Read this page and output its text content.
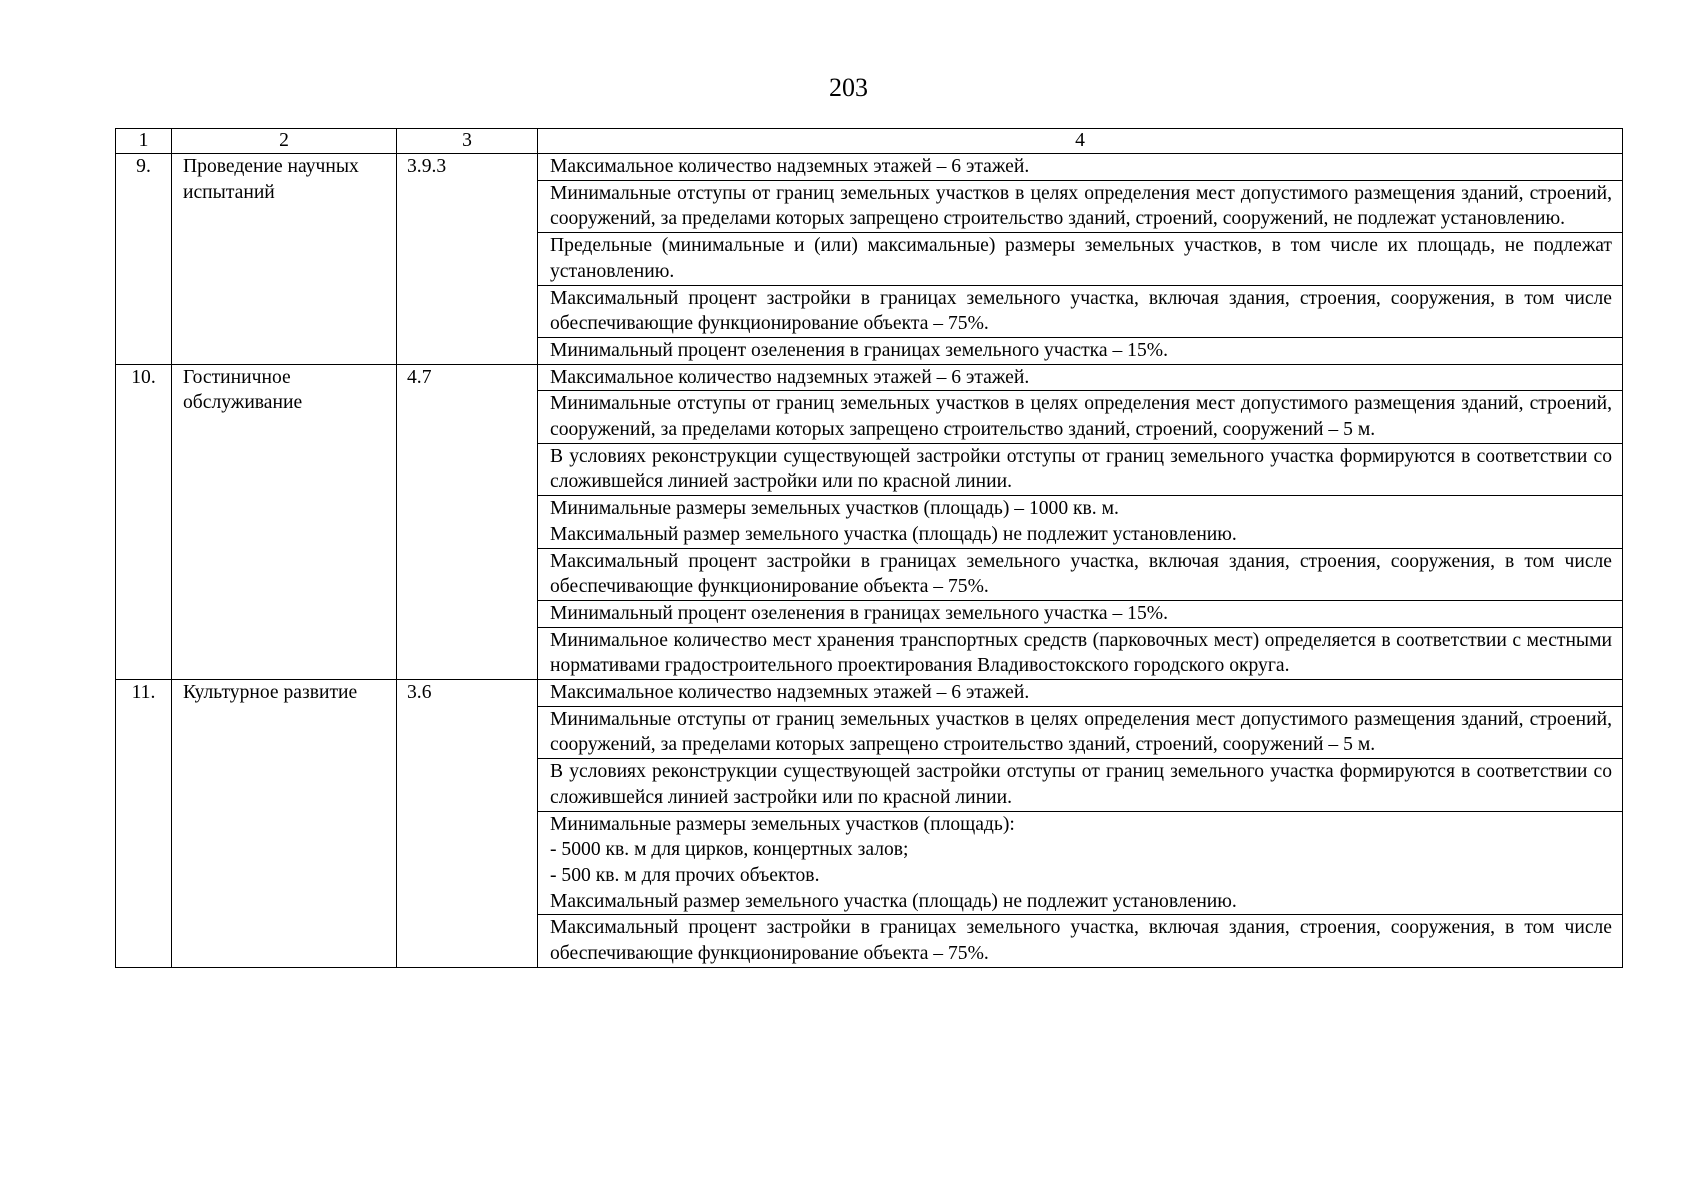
203
1	2	3	4
9.	Проведение научных испытаний	3.9.3	Максимальное количество надземных этажей – 6 этажей.
			Минимальные отступы от границ земельных участков в целях определения мест допустимого размещения зданий, строений, сооружений, за пределами которых запрещено строительство зданий, строений, сооружений, не подлежат установлению.
			Предельные (минимальные и (или) максимальные) размеры земельных участков, в том числе их площадь, не подлежат установлению.
			Максимальный процент застройки в границах земельного участка, включая здания, строения, сооружения, в том числе обеспечивающие функционирование объекта – 75%.
			Минимальный процент озеленения в границах земельного участка – 15%.
10.	Гостиничное обслуживание	4.7	Максимальное количество надземных этажей – 6 этажей.
			Минимальные отступы от границ земельных участков в целях определения мест допустимого размещения зданий, строений, сооружений, за пределами которых запрещено строительство зданий, строений, сооружений – 5 м.
			В условиях реконструкции существующей застройки отступы от границ земельного участка формируются в соответствии со сложившейся линией застройки или по красной линии.

			Минимальные размеры земельных участков (площадь) – 1000 кв. м.
Максимальный размер земельного участка (площадь) не подлежит установлению.

			Максимальный процент застройки в границах земельного участка, включая здания, строения, сооружения, в том числе обеспечивающие функционирование объекта – 75%.
			Минимальный процент озеленения в границах земельного участка – 15%.
			Минимальное количество мест хранения транспортных средств (парковочных мест) определяется в соответствии с местными нормативами градостроительного проектирования Владивостокского городского округа.
11.	Культурное развитие	3.6	Максимальное количество надземных этажей – 6 этажей.
			Минимальные отступы от границ земельных участков в целях определения мест допустимого размещения зданий, строений, сооружений, за пределами которых запрещено строительство зданий, строений, сооружений – 5 м.
			В условиях реконструкции существующей застройки отступы от границ земельного участка формируются в соответствии со сложившейся линией застройки или по красной линии.

			Минимальные размеры земельных участков (площадь):
- 5000 кв. м для цирков, концертных залов;
- 500 кв. м для прочих объектов.
Максимальный размер земельного участка (площадь) не подлежит установлению.

			Максимальный процент застройки в границах земельного участка, включая здания, строения, сооружения, в том числе обеспечивающие функционирование объекта – 75%.
